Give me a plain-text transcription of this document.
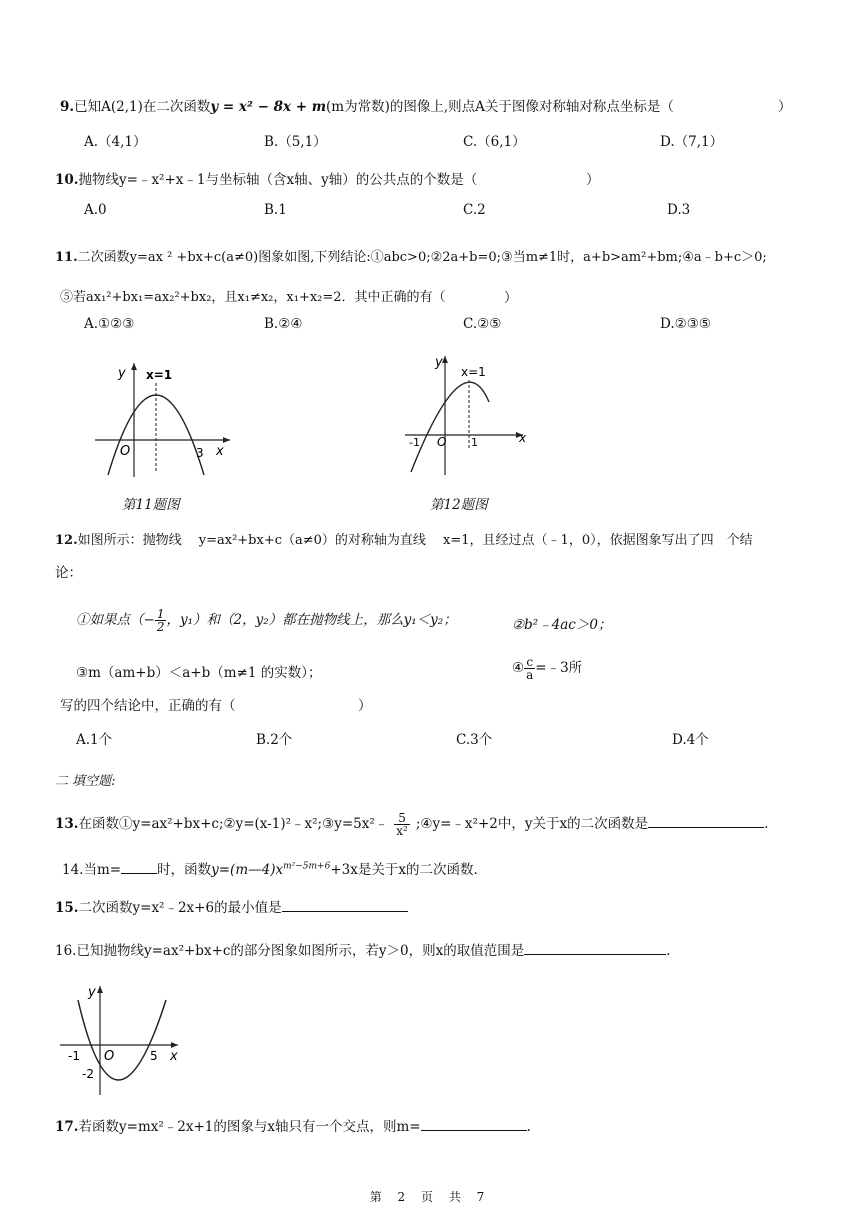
9.已知A(2,1)在二次函数y = x² − 8x + m(m为常数)的图像上,则点A关于图像对称轴对称点坐标是（	）
A.（4,1）	B.（5,1）	C.（6,1）	D.（7,1）
10.抛物线y=﹣x²+x﹣1与坐标轴（含x轴、y轴）的公共点的个数是（	）
A.0	B.1	C.2	D.3
11.二次函数y=ax ² +bx+c(a≠0)图象如图,下列结论:①abc>0;②2a+b=0;③当m≠1时，a+b>am²+bm;④a﹣b+c＞0;
⑤若ax₁²+bx₁=ax₂²+bx₂，且x₁≠x₂，x₁+x₂=2．其中正确的有（	）
A.①②③	B.②④	C.②⑤	D.②③⑤
y x=1
O	3 x
第11题图
y
x=1
-1 O 1	x
第12题图
12.如图所示：抛物线　 y=ax²+bx+c（a≠0）的对称轴为直线　 x=1，且经过点（﹣1，0），依据图象写出了四　个结
论：
①如果点（− $\frac{1}{2}$ ，y₁）和（2，y₂）都在抛物线上，那么y₁＜y₂；	②b²﹣4ac＞0；
③m（am+b）＜a+b（m≠1 的实数）；	④ $\frac{c}{a}$ =﹣3所
写的四个结论中，正确的有（	）
A.1个	B.2个	C.3个	D.4个
二 填空题:
13.在函数①y=ax²+bx+c;②y=(x-1)²﹣x²;③y=5x²﹣ $\frac{5}{\text{x²}}$ ;④y=﹣x²+2中，y关于x的二次函数是	.
14.当m=	时，函数$y=(m—4)x^{m^2-5m+6}+3x$是关于x的二次函数.
15.二次函数y=x²﹣2x+6的最小值是
16.已知抛物线y=ax²+bx+c的部分图象如图所示，若y＞0，则x的取值范围是	.
y
-1 O	5 x
-2
17.若函数y=mx²﹣2x+1的图象与x轴只有一个交点，则m=	.
第 2 页 共 7
